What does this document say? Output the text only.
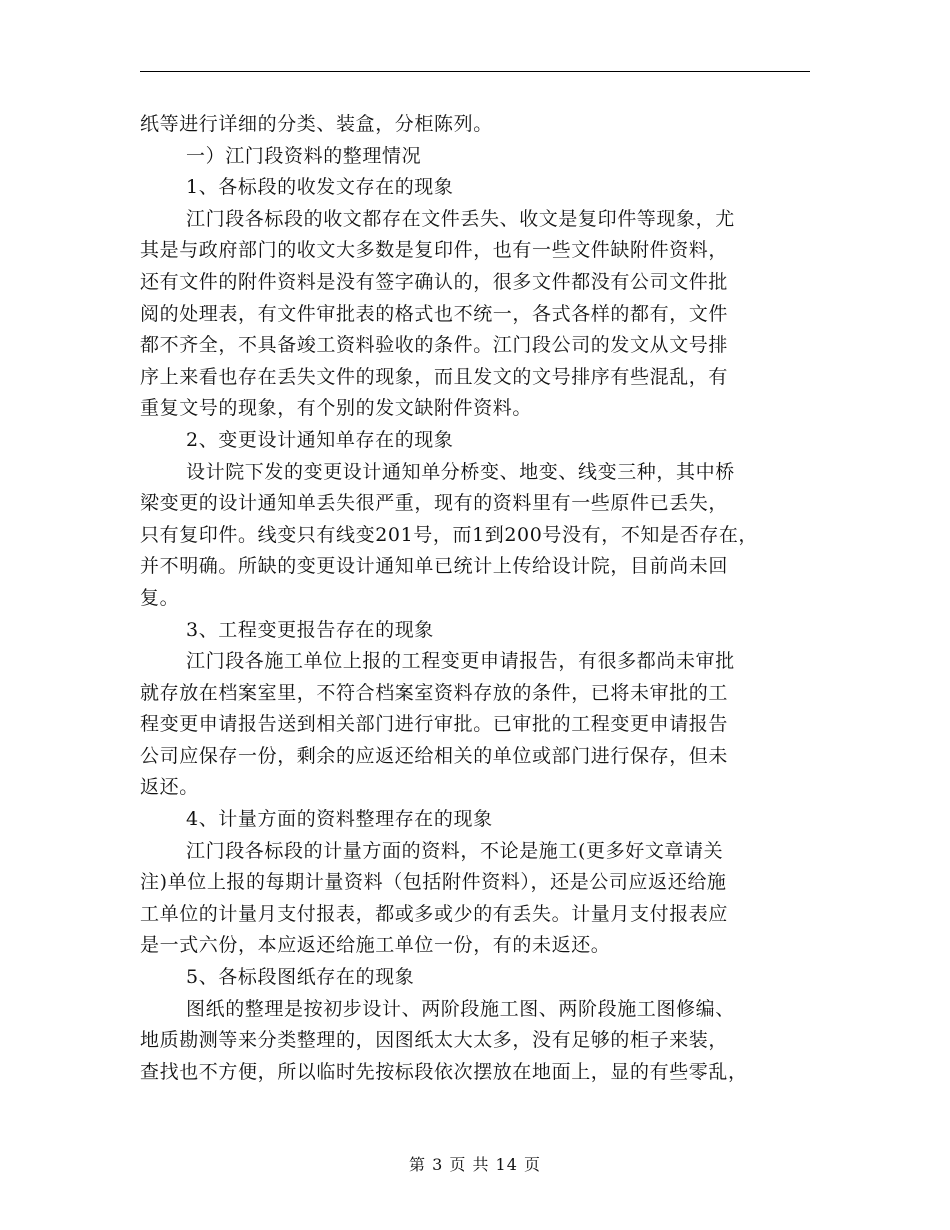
纸等进行详细的分类、装盒，分柜陈列。
一）江门段资料的整理情况
1、各标段的收发文存在的现象
江门段各标段的收文都存在文件丢失、收文是复印件等现象，尤
其是与政府部门的收文大多数是复印件，也有一些文件缺附件资料，
还有文件的附件资料是没有签字确认的，很多文件都没有公司文件批
阅的处理表，有文件审批表的格式也不统一，各式各样的都有，文件
都不齐全，不具备竣工资料验收的条件。江门段公司的发文从文号排
序上来看也存在丢失文件的现象，而且发文的文号排序有些混乱，有
重复文号的现象，有个别的发文缺附件资料。
2、变更设计通知单存在的现象
设计院下发的变更设计通知单分桥变、地变、线变三种，其中桥
梁变更的设计通知单丢失很严重，现有的资料里有一些原件已丢失，
只有复印件。线变只有线变201号，而1到200号没有，不知是否存在，
并不明确。所缺的变更设计通知单已统计上传给设计院，目前尚未回
复。
3、工程变更报告存在的现象
江门段各施工单位上报的工程变更申请报告，有很多都尚未审批
就存放在档案室里，不符合档案室资料存放的条件，已将未审批的工
程变更申请报告送到相关部门进行审批。已审批的工程变更申请报告
公司应保存一份，剩余的应返还给相关的单位或部门进行保存，但未
返还。
4、计量方面的资料整理存在的现象
江门段各标段的计量方面的资料，不论是施工(更多好文章请关
注)单位上报的每期计量资料（包括附件资料），还是公司应返还给施
工单位的计量月支付报表，都或多或少的有丢失。计量月支付报表应
是一式六份，本应返还给施工单位一份，有的未返还。
5、各标段图纸存在的现象
图纸的整理是按初步设计、两阶段施工图、两阶段施工图修编、
地质勘测等来分类整理的，因图纸太大太多，没有足够的柜子来装，
查找也不方便，所以临时先按标段依次摆放在地面上，显的有些零乱，
第 3 页 共 14 页
